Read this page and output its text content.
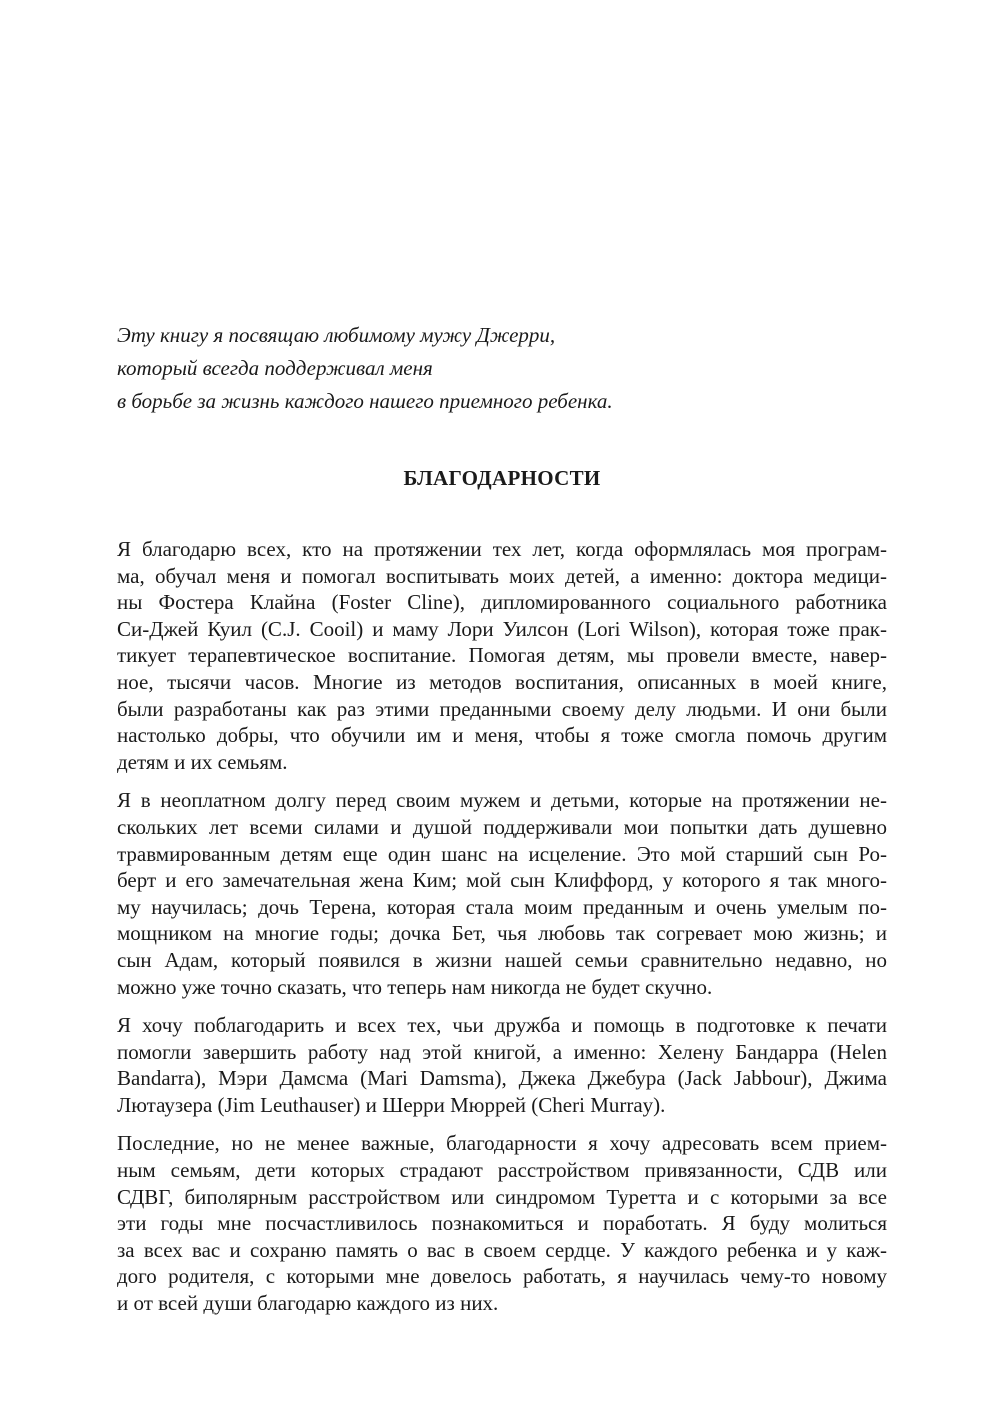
Эту книгу я посвящаю любимому мужу Джерри,
который всегда поддерживал меня
в борьбе за жизнь каждого нашего приемного ребенка.
БЛАГОДАРНОСТИ
Я благодарю всех, кто на протяжении тех лет, когда оформлялась моя програм-
ма, обучал меня и помогал воспитывать моих детей, а именно: доктора медици-
ны Фостера Клайна (Foster Cline), дипломированного социального работника
Си-Джей Куил (C.J. Cooil) и маму Лори Уилсон (Lori Wilson), которая тоже прак-
тикует терапевтическое воспитание. Помогая детям, мы провели вместе, навер-
ное, тысячи часов. Многие из методов воспитания, описанных в моей книге,
были разработаны как раз этими преданными своему делу людьми. И они были
настолько добры, что обучили им и меня, чтобы я тоже смогла помочь другим
детям и их семьям.
Я в неоплатном долгу перед своим мужем и детьми, которые на протяжении не-
скольких лет всеми силами и душой поддерживали мои попытки дать душевно
травмированным детям еще один шанс на исцеление. Это мой старший сын Ро-
берт и его замечательная жена Ким; мой сын Клиффорд, у которого я так много-
му научилась; дочь Терена, которая стала моим преданным и очень умелым по-
мощником на многие годы; дочка Бет, чья любовь так согревает мою жизнь; и
сын Адам, который появился в жизни нашей семьи сравнительно недавно, но
можно уже точно сказать, что теперь нам никогда не будет скучно.
Я хочу поблагодарить и всех тех, чьи дружба и помощь в подготовке к печати
помогли завершить работу над этой книгой, а именно: Хелену Бандарра (Helen
Bandarra), Мэри Дамсма (Mari Damsma), Джека Джебура (Jack Jabbour), Джима
Лютаузера (Jim Leuthauser) и Шерри Мюррей (Cheri Murray).
Последние, но не менее важные, благодарности я хочу адресовать всем прием-
ным семьям, дети которых страдают расстройством привязанности, СДВ или
СДВГ, биполярным расстройством или синдромом Туретта и с которыми за все
эти годы мне посчастливилось познакомиться и поработать. Я буду молиться
за всех вас и сохраню память о вас в своем сердце. У каждого ребенка и у каж-
дого родителя, с которыми мне довелось работать, я научилась чему-то новому
и от всей души благодарю каждого из них.
